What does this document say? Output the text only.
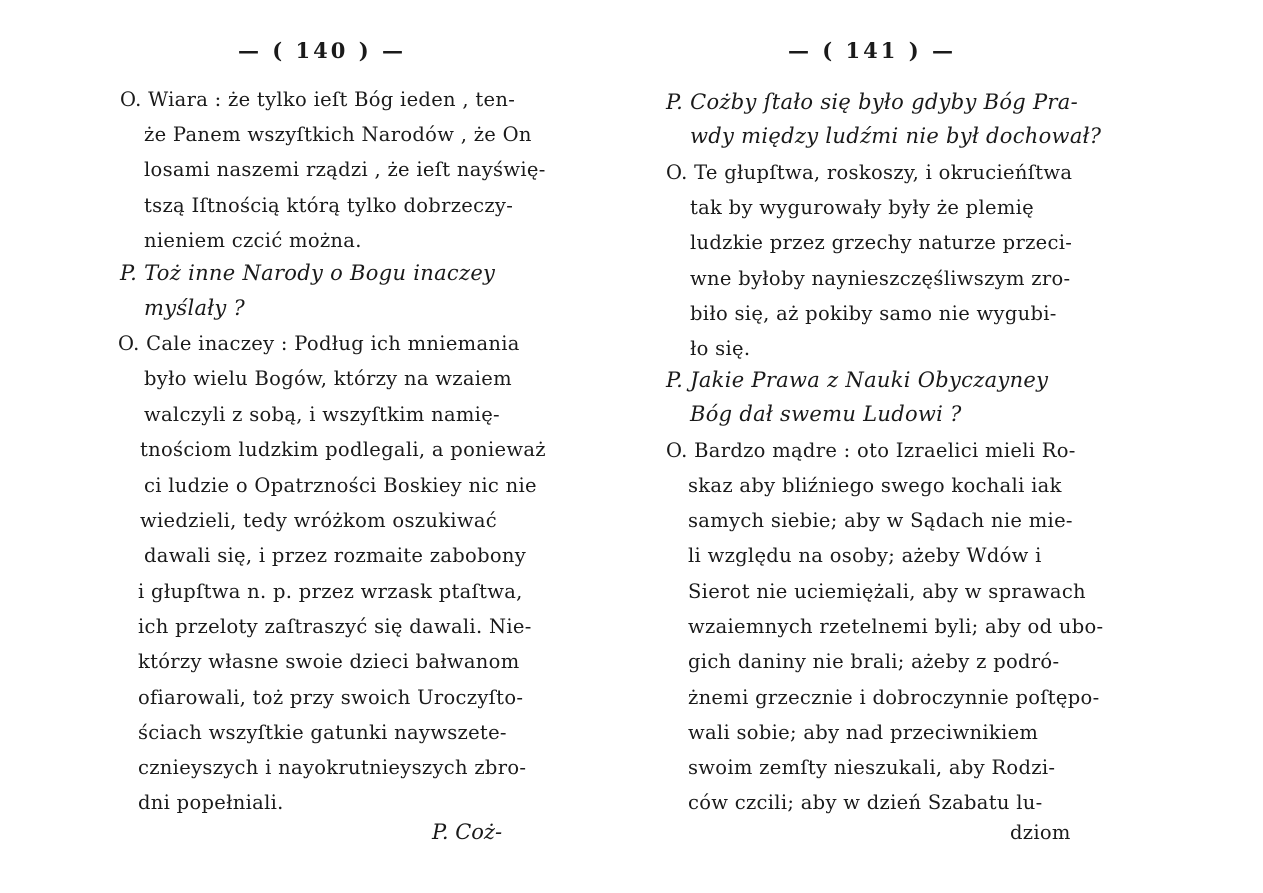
— ( 140 ) —
O. Wiara : że tylko ieſt Bóg ieden , ten-
że Panem wszyſtkich Narodów , że On
losami naszemi rządzi , że ieſt nayświę-
tszą Iſtnością którą tylko dobrzeczy-
nieniem czcić można.
P. Toż inne Narody o Bogu inaczey
myślały ?
O. Cale inaczey : Podług ich mniemania
było wielu Bogów, którzy na wzaiem
walczyli z sobą, i wszyſtkim namię-
tnościom ludzkim podlegali, a ponieważ
ci ludzie o Opatrzności Boskiey nic nie
wiedzieli, tedy wróżkom oszukiwać
dawali się, i przez rozmaite zabobony
i głupſtwa n. p. przez wrzask ptaſtwa,
ich przeloty zaſtraszyć się dawali. Nie-
którzy własne swoie dzieci bałwanom
ofiarowali, toż przy swoich Uroczyſto-
ściach wszyſtkie gatunki naywszete-
cznieyszych i nayokrutnieyszych zbro-
dni popełniali.
P. Coż-
— ( 141 ) —
P. Cożby ſtało się było gdyby Bóg Pra-
wdy między ludźmi nie był dochował?
O. Te głupſtwa, roskoszy, i okrucieńſtwa
tak by wygurowały były że plemię
ludzkie przez grzechy naturze przeci-
wne byłoby naynieszczęśliwszym zro-
biło się, aż pokiby samo nie wygubi-
ło się.
P. Jakie Prawa z Nauki Obyczayney
Bóg dał swemu Ludowi ?
O. Bardzo mądre : oto Izraelici mieli Ro-
skaz aby bliźniego swego kochali iak
samych siebie; aby w Sądach nie mie-
li względu na osoby; ażeby Wdów i
Sierot nie uciemiężali, aby w sprawach
wzaiemnych rzetelnemi byli; aby od ubo-
gich daniny nie brali; ażeby z podró-
żnemi grzecznie i dobroczynnie poſtępo-
wali sobie; aby nad przeciwnikiem
swoim zemſty nieszukali, aby Rodzi-
ców czcili; aby w dzień Szabatu lu-
dziom
